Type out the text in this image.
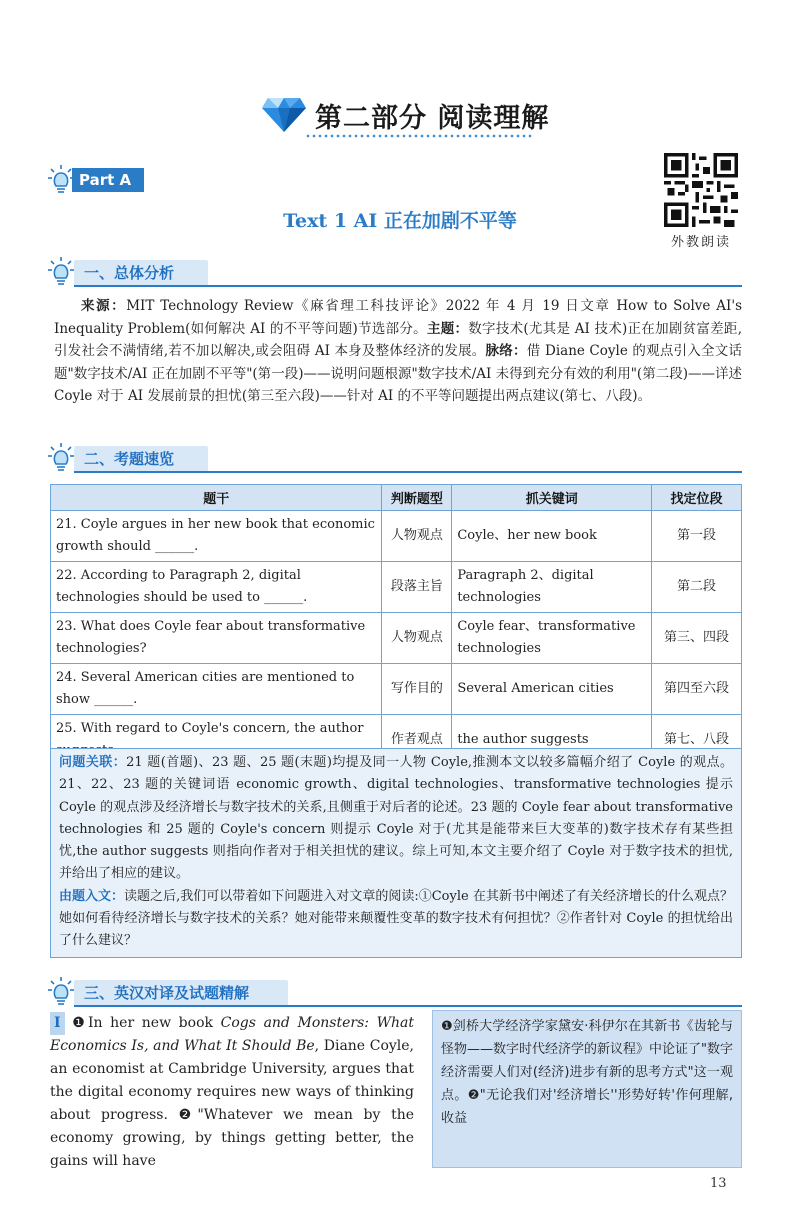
第二部分 阅读理解
Part A
外教朗读
Text 1 AI 正在加剧不平等
一、总体分析
来源：MIT Technology Review《麻省理工科技评论》2022 年 4 月 19 日文章 How to Solve AI's Inequality Problem(如何解决 AI 的不平等问题)节选部分。主题：数字技术(尤其是 AI 技术)正在加剧贫富差距,引发社会不满情绪,若不加以解决,或会阻碍 AI 本身及整体经济的发展。脉络：借 Diane Coyle 的观点引入全文话题"数字技术/AI 正在加剧不平等"(第一段)——说明问题根源"数字技术/AI 未得到充分有效的利用"(第二段)——详述 Coyle 对于 AI 发展前景的担忧(第三至六段)——针对 AI 的不平等问题提出两点建议(第七、八段)。
二、考题速览
题干	判断题型	抓关键词	找定位段
21. Coyle argues in her new book that economic growth should ______.	人物观点	Coyle、her new book	第一段
22. According to Paragraph 2, digital technologies should be used to ______.	段落主旨	Paragraph 2、digital technologies	第二段
23. What does Coyle fear about transformative technologies?	人物观点	Coyle fear、transformative technologies	第三、四段
24. Several American cities are mentioned to show ______.	写作目的	Several American cities	第四至六段
25. With regard to Coyle's concern, the author	作者观点	the author suggests	第七、八段
问题关联：21 题(首题)、23 题、25 题(末题)均提及同一人物 Coyle,推测本文以较多篇幅介绍了 Coyle 的观点。21、22、23 题的关键词语 economic growth、digital technologies、transformative technologies 提示 Coyle 的观点涉及经济增长与数字技术的关系,且侧重于对后者的论述。23 题的 Coyle fear about transformative technologies 和 25 题的 Coyle's concern 则提示 Coyle 对于(尤其是能带来巨大变革的)数字技术存有某些担忧,the author suggests 则指向作者对于相关担忧的建议。综上可知,本文主要介绍了 Coyle 对于数字技术的担忧,并给出了相应的建议。
由题入文：读题之后,我们可以带着如下问题进入对文章的阅读:①Coyle 在其新书中阐述了有关经济增长的什么观点？她如何看待经济增长与数字技术的关系？她对能带来颠覆性变革的数字技术有何担忧？②作者针对 Coyle 的担忧给出了什么建议？
三、英汉对译及试题精解
I ❶In her new book Cogs and Monsters: What Economics Is, and What It Should Be, Diane Coyle, an economist at Cambridge University, argues that the digital economy requires new ways of thinking about progress. ❷"Whatever we mean by the economy growing, by things getting better, the gains will have
❶剑桥大学经济学家黛安·科伊尔在其新书《齿轮与怪物——数字时代经济学的新议程》中论证了"数字经济需要人们对(经济)进步有新的思考方式"这一观点。❷"无论我们对'经济增长''形势好转'作何理解,收益
13
